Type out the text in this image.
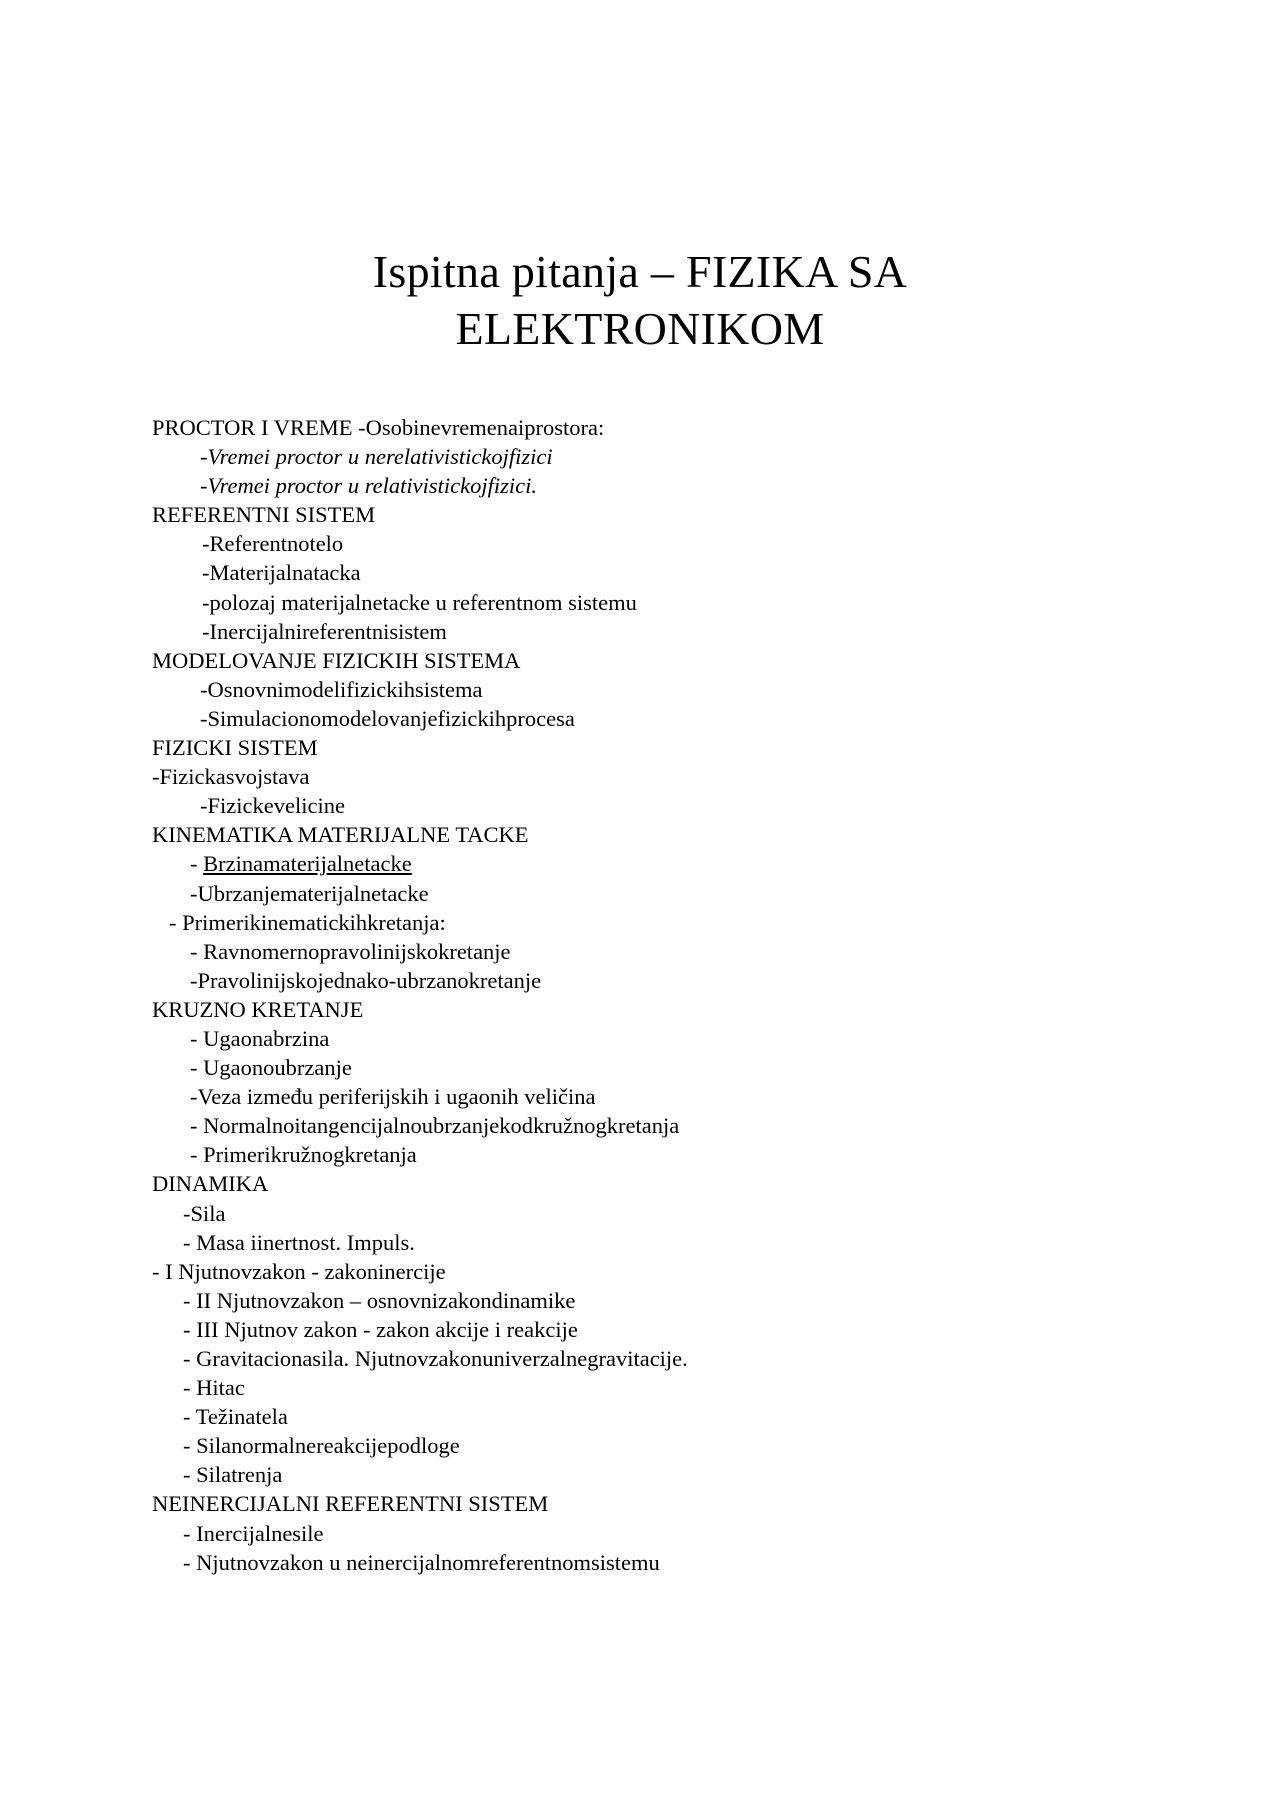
Ispitna pitanja – FIZIKA SA
ELEKTRONIKOM
PROCTOR I VREME -Osobinevremenaiprostora:
-Vremei proctor u nerelativistickojfizici
-Vremei proctor u relativistickojfizici.
REFERENTNI SISTEM
-Referentnotelo
-Materijalnatacka
-polozaj materijalnetacke u referentnom sistemu
-Inercijalnireferentnisistem
MODELOVANJE FIZICKIH SISTEMA
-Osnovnimodelifizickihsistema
-Simulacionomodelovanjefizickihprocesa
FIZICKI SISTEM
-Fizickasvojstava
-Fizickevelicine
KINEMATIKA MATERIJALNE TACKE
- Brzinamaterijalnetacke
-Ubrzanjematerijalnetacke
- Primerikinematickihkretanja:
- Ravnomernopravolinijskokretanje
-Pravolinijskojednako-ubrzanokretanje
KRUZNO KRETANJE
- Ugaonabrzina
- Ugaonoubrzanje
-Veza između periferijskih i ugaonih veličina
- Normalnoitangencijalnoubrzanjekodkružnogkretanja
- Primerikružnogkretanja
DINAMIKA
-Sila
- Masa iinertnost. Impuls.
- I Njutnovzakon - zakoninercije
- II Njutnovzakon – osnovnizakondinamike
- III Njutnov zakon - zakon akcije i reakcije
- Gravitacionasila. Njutnovzakonuniverzalnegravitacije.
- Hitac
- Težinatela
- Silanormalnereakcijepodloge
- Silatrenja
NEINERCIJALNI REFERENTNI SISTEM
- Inercijalnesile
- Njutnovzakon u neinercijalnomreferentnomsistemu
